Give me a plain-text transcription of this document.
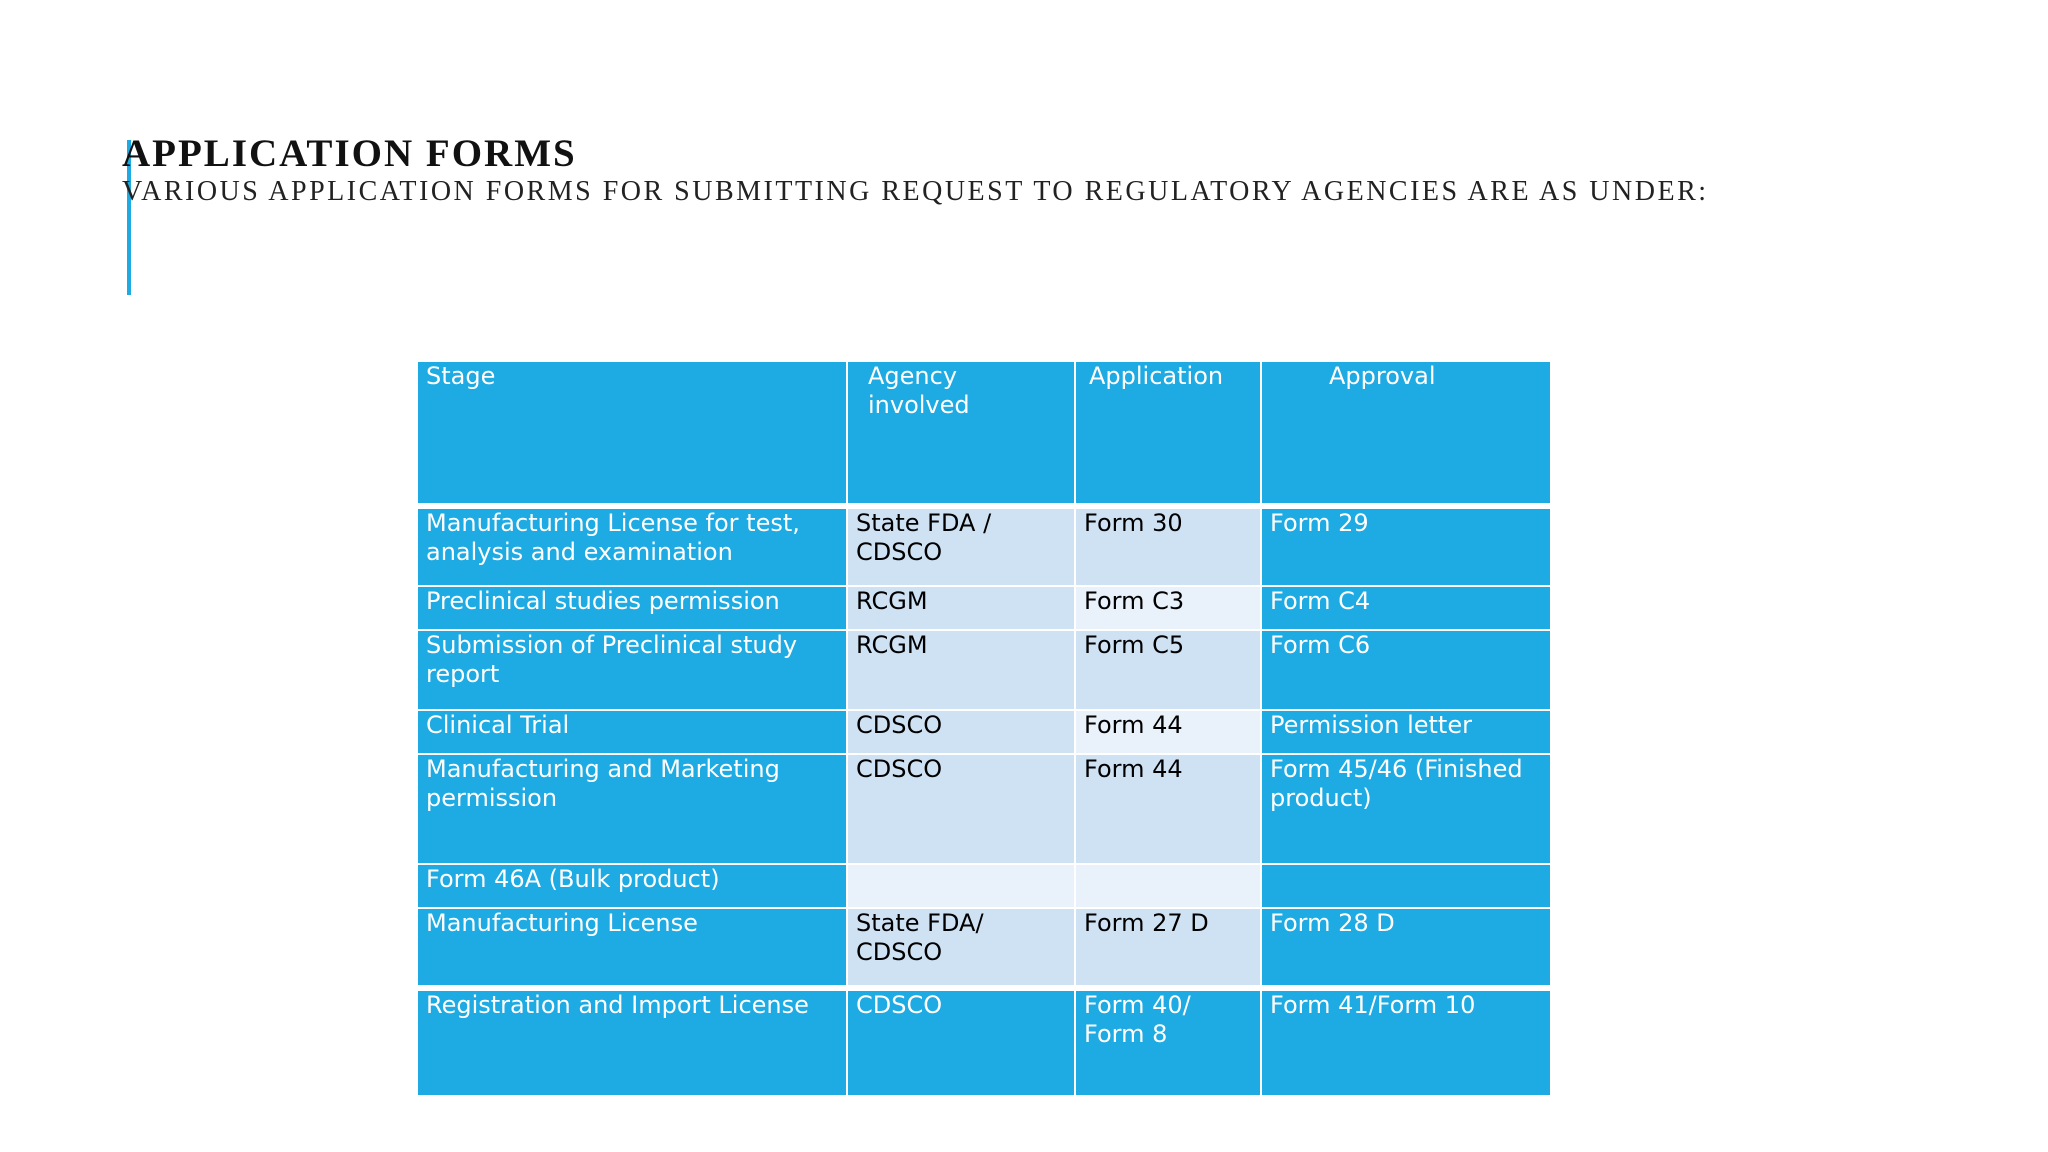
APPLICATION FORMS
VARIOUS APPLICATION FORMS FOR SUBMITTING REQUEST TO REGULATORY AGENCIES ARE AS UNDER:
Stage	Agency involved	Application	Approval
Manufacturing License for test, analysis and examination	State FDA / CDSCO	Form 30	Form 29
Preclinical studies permission	RCGM	Form C3	Form C4
Submission of Preclinical study report	RCGM	Form C5	Form C6
Clinical Trial	CDSCO	Form 44	Permission letter
Manufacturing and Marketing permission	CDSCO	Form 44	Form 45/46 (Finished product)
Form 46A (Bulk product)			
Manufacturing License	State FDA/ CDSCO	Form 27 D	Form 28 D
Registration and Import License	CDSCO	Form 40/ Form 8	Form 41/Form 10
